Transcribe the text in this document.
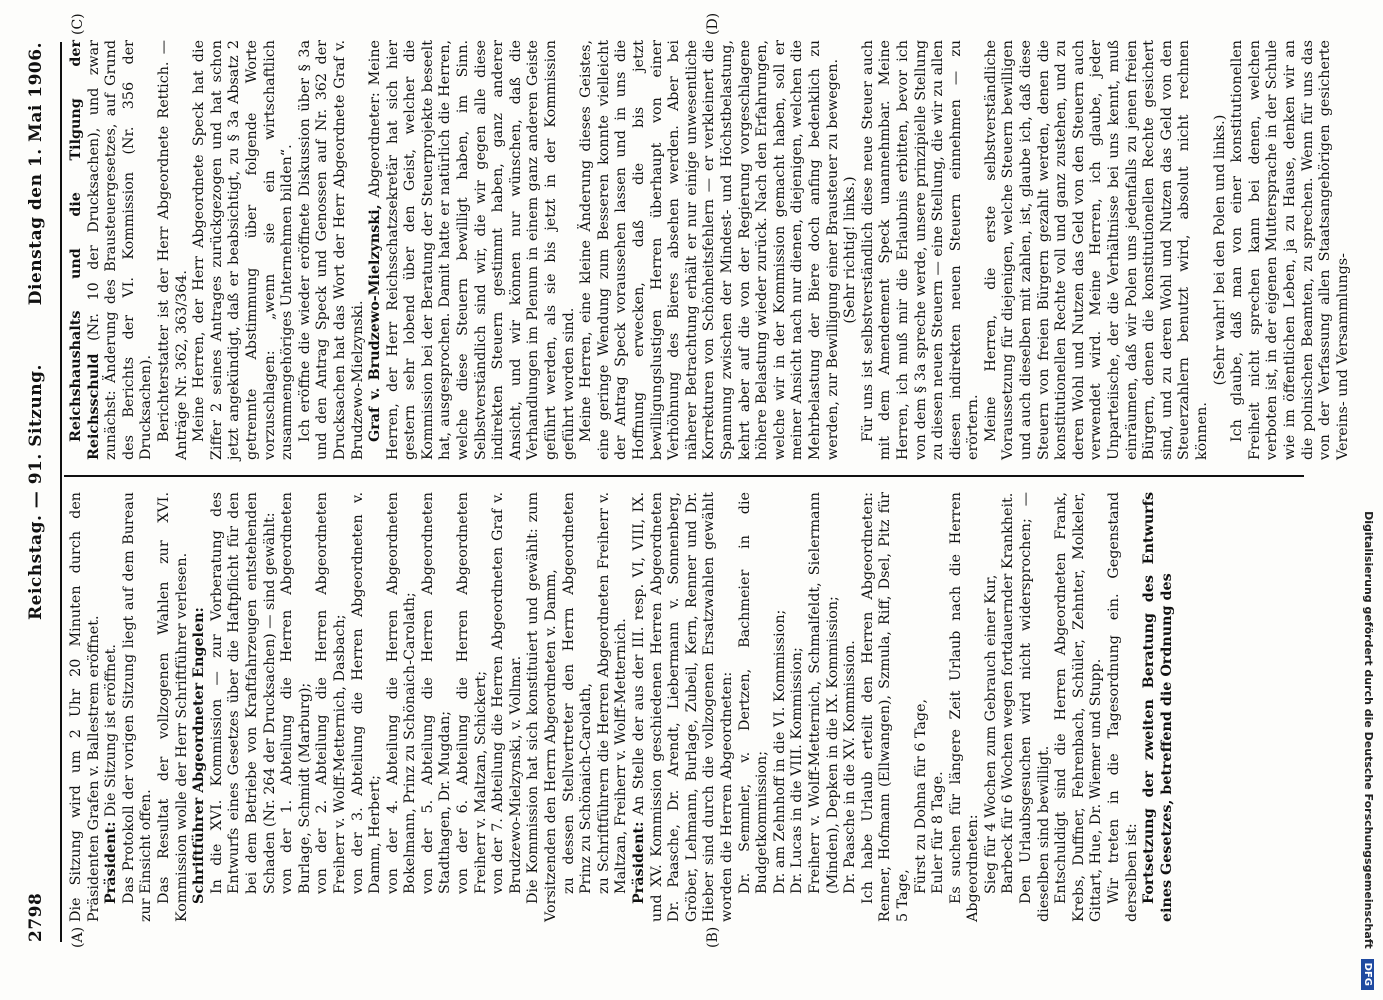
2798
Reichstag. — 91. Sitzung.
Dienstag den 1. Mai 1906.
(A)	(B)
(C)	(D)

Die Sitzung wird um 2 Uhr 20 Minuten durch den Präsidenten Grafen v. Ballestrem eröffnet. Präsident: Die Sitzung ist eröffnet. Das Protokoll der vorigen Sitzung liegt auf dem Bureau zur Einsicht offen. Das Resultat der vollzogenen Wahlen zur XVI. Kommission wolle der Herr Schriftführer verlesen. Schriftführer Abgeordneter Engelen: In die XVI. Kommission — zur Vorberatung des Entwurfs eines Gesetzes über die Haftpflicht für den bei dem Betriebe von Kraftfahrzeugen entstehenden Schaden (Nr. 264 der Drucksachen) — sind gewählt: von der 1. Abteilung die Herren Abgeordneten Burlage, Schmidt (Marburg); von der 2. Abteilung die Herren Abgeordneten Freiherr v. Wolff-Metternich, Dasbach; von der 3. Abteilung die Herren Abgeordneten v. Damm, Herbert; von der 4. Abteilung die Herren Abgeordneten Bokelmann, Prinz zu Schönaich-Carolath; von der 5. Abteilung die Herren Abgeordneten Stadthagen, Dr. Mugdan; von der 6. Abteilung die Herren Abgeordneten Freiherr v. Maltzan, Schickert; von der 7. Abteilung die Herren Abgeordneten Graf v. Brudzewo-Mielzynski, v. Vollmar. Die Kommission hat sich konstituiert und gewählt: zum Vorsitzenden den Herrn Abgeordneten v. Damm, zu dessen Stellvertreter den Herrn Abgeordneten Prinz zu Schönaich-Carolath, zu Schriftführern die Herren Abgeordneten Freiherr v. Maltzan, Freiherr v. Wolff-Metternich. Präsident: An Stelle der aus der III. resp. VI, VIII, IX. und XV. Kommission geschiedenen Herren Abgeordneten Dr. Paasche, Dr. Arendt, Liebermann v. Sonnenberg, Gröber, Lehmann, Burlage, Zubeil, Kern, Renner und Dr. Hieber sind durch die vollzogenen Ersatzwahlen gewählt worden die Herren Abgeordneten: Dr. Semmler, v. Dertzen, Bachmeier in die Budgetkommission; Dr. am Zehnhoff in die VI. Kommission; Dr. Lucas in die VIII. Kommission; Freiherr v. Wolff-Metternich, Schmalfeldt, Sielermann (Minden), Depken in die IX. Kommission; Dr. Paasche in die XV. Kommission. Ich habe Urlaub erteilt den Herren Abgeordneten: Renner, Hofmann (Ellwangen), Szmula, Riff, Dsel, Pitz für 5 Tage,

Fürst zu Dohna für 6 Tage, Euler für 8 Tage. Es suchen für längere Zeit Urlaub nach die Herren Abgeordneten: Sieg für 4 Wochen zum Gebrauch einer Kur, Barbeck für 6 Wochen wegen fortdauernder Krankheit. Den Urlaubsgesuchen wird nicht widersprochen; — dieselben sind bewilligt. Entschuldigt sind die Herren Abgeordneten Frank, Krebs, Duffner, Fehrenbach, Schüler, Zehnter, Molkeler, Gittart, Hue, Dr. Wiemer und Stupp. Wir treten in die Tagesordnung ein. Gegenstand derselben ist: Fortsetzung der zweiten Beratung des Entwurfs eines Gesetzes, betreffend die Ordnung des

Reichshaushalts und die Tilgung der Reichsschuld (Nr. 10 der Drucksachen), und zwar zunächst: Änderung des Brausteuergesetzes, auf Grund des Berichts der VI. Kommission (Nr. 356 der Drucksachen). Berichterstatter ist der Herr Abgeordnete Rettich. — Anträge Nr. 362, 363/364. Meine Herren, der Herr Abgeordnete Speck hat die Ziffer 2 seines Antrages zurückgezogen und hat schon jetzt angekündigt, daß er beabsichtigt, zu § 3a Absatz 2 getrennte Abstimmung über folgende Worte vorzuschlagen: „wenn sie ein wirtschaftlich zusammengehöriges Unternehmen bilden“. Ich eröffne die wieder eröffnete Diskussion über § 3a und den Antrag Speck und Genossen auf Nr. 362 der Drucksachen hat das Wort der Herr Abgeordnete Graf v. Brudzewo-Mielzynski. Graf v. Brudzewo-Mielzynski, Abgeordneter: Meine Herren, der Herr Reichsschatzsekretär hat sich hier gestern sehr lobend über den Geist, welcher die Kommission bei der Beratung der Steuerprojekte beseelt hat, ausgesprochen. Damit hatte er natürlich die Herren, welche diese Steuern bewilligt haben, im Sinn. Selbstverständlich sind wir, die wir gegen alle diese indirekten Steuern gestimmt haben, ganz anderer Ansicht, und wir können nur wünschen, daß die Verhandlungen im Plenum in einem ganz anderen Geiste geführt werden, als sie bis jetzt in der Kommission geführt worden sind. Meine Herren, eine kleine Änderung dieses Geistes, eine geringe Wendung zum Besseren konnte vielleicht der Antrag Speck voraussehen lassen und in uns die Hoffnung erwecken, daß die bis jetzt bewilligungslustigen Herren überhaupt von einer Verhöhnung des Bieres absehen werden. Aber bei näherer Betrachtung erhält er nur einige unwesentliche Korrekturen von Schönheitsfehlern — er verkleinert die Spannung zwischen der Mindest- und Höchstbelastung, kehrt aber auf die von der Regierung vorgeschlagene höhere Belastung wieder zurück. Nach den Erfahrungen, welche wir in der Kommission gemacht haben, soll er meiner Ansicht nach nur dienen, diejenigen, welchen die Mehrbelastung der Biere doch anfing bedenklich zu werden, zur Bewilligung einer Brausteuer zu bewegen. (Sehr richtig! links.) Für uns ist selbstverständlich diese neue Steuer auch mit dem Amendement Speck unannehmbar. Meine Herren, ich muß mir die Erlaubnis erbitten, bevor ich von dem § 3a spreche werde, unsere prinzipielle Stellung zu diesen neuen Steuern — eine Stellung, die wir zu allen diesen indirekten neuen Steuern einnehmen — zu erörtern. Meine Herren, die erste selbstverständliche Voraussetzung für diejenigen, welche Steuern bewilligen und auch dieselben mit zahlen, ist, glaube ich, daß diese Steuern von freien Bürgern gezahlt werden, denen die konstitutionellen Rechte voll und ganz zustehen, und zu deren Wohl und Nutzen das Geld von den Steuern auch verwendet wird. Meine Herren, ich glaube, jeder Unparteiische, der die Verhältnisse bei uns kennt, muß einräumen, daß wir Polen uns jedenfalls zu jenen freien Bürgern, denen die konstitutionellen Rechte gesichert sind, und zu deren Wohl und Nutzen das Geld von den Steuerzahlern benutzt wird, absolut nicht rechnen können.

(Sehr wahr! bei den Polen und links.) Ich glaube, daß man von einer konstitutionellen Freiheit nicht sprechen kann bei denen, welchen verboten ist, in der eigenen Muttersprache in der Schule wie im öffentlichen Leben, ja zu Hause, denken wir an die polnischen Beamten, zu sprechen. Wenn für uns das von der Verfassung allen Staatsangehörigen gesicherte Vereins- und Versammlungs-

Digitalisierung gefördert durch die Deutsche Forschungsgemeinschaft DFG
